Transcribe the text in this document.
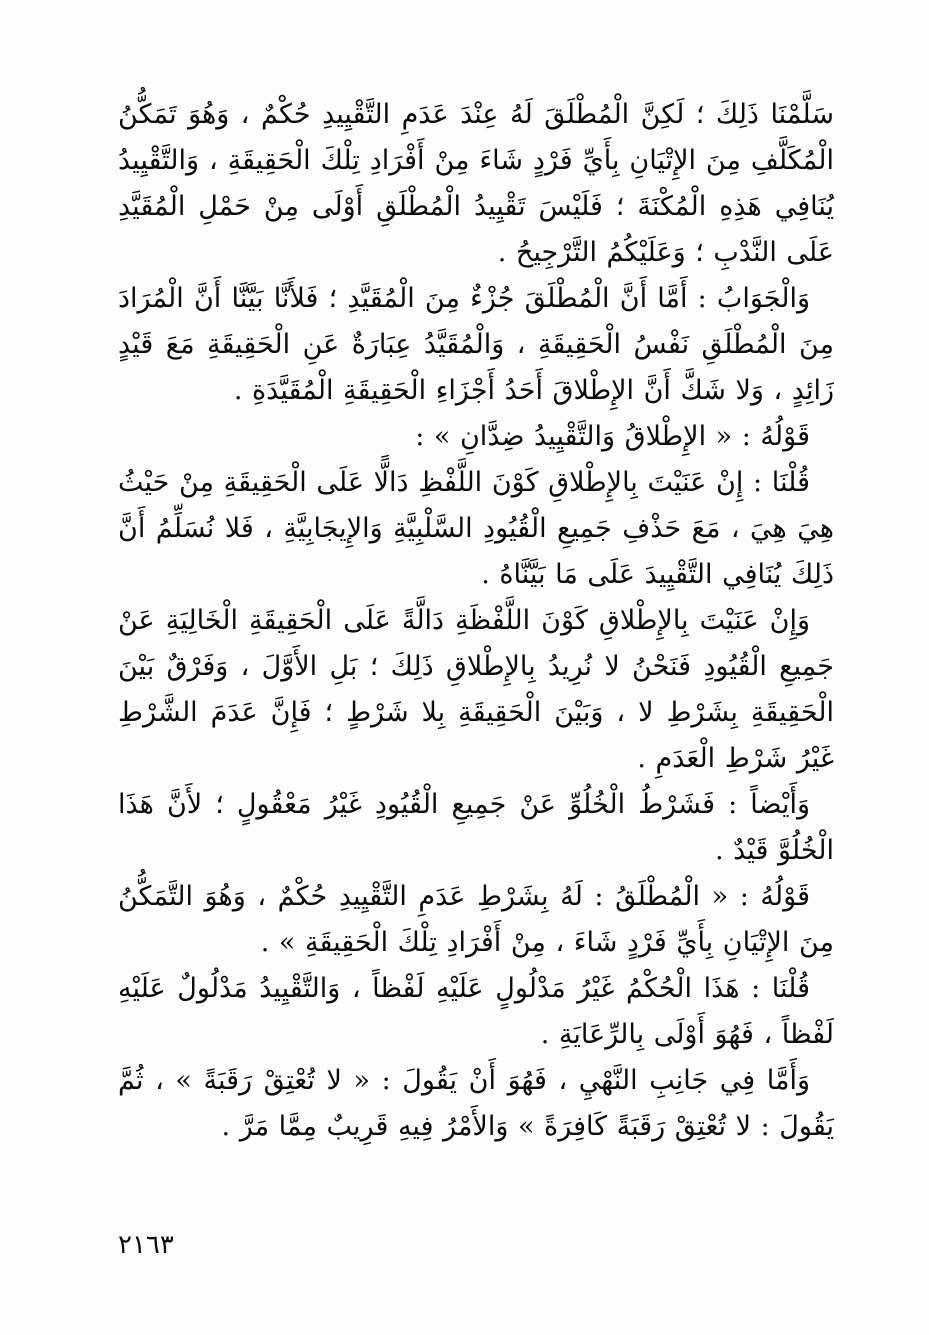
سَلَّمْنَا ذَلِكَ ؛ لَكِنَّ الْمُطْلَقَ لَهُ عِنْدَ عَدَمِ التَّقْيِيدِ حُكْمٌ ، وَهُوَ تَمَكُّنُ الْمُكَلَّفِ مِنَ الإِتْيَانِ بِأَيِّ فَرْدٍ شَاءَ مِنْ أَفْرَادِ تِلْكَ الْحَقِيقَةِ ، وَالتَّقْيِيدُ يُنَافِي هَذِهِ الْمُكْنَةَ ؛ فَلَيْسَ تَقْيِيدُ الْمُطْلَقِ أَوْلَى مِنْ حَمْلِ الْمُقَيَّدِ عَلَى النَّدْبِ ؛ وَعَلَيْكُمُ التَّرْجِيحُ .

وَالْجَوَابُ : أَمَّا أَنَّ الْمُطْلَقَ جُزْءٌ مِنَ الْمُقَيَّدِ ؛ فَلأَنَّا بَيَّنَّا أَنَّ الْمُرَادَ مِنَ الْمُطْلَقِ نَفْسُ الْحَقِيقَةِ ، وَالْمُقَيَّدُ عِبَارَةٌ عَنِ الْحَقِيقَةِ مَعَ قَيْدٍ زَائِدٍ ، وَلا شَكَّ أَنَّ الإِطْلاقَ أَحَدُ أَجْزَاءِ الْحَقِيقَةِ الْمُقَيَّدَةِ .

قَوْلُهُ : « الإِطْلاقُ وَالتَّقْيِيدُ ضِدَّانِ » :

قُلْنَا : إِنْ عَنَيْتَ بِالإِطْلاقِ كَوْنَ اللَّفْظِ دَالًّا عَلَى الْحَقِيقَةِ مِنْ حَيْثُ هِيَ هِيَ ، مَعَ حَذْفِ جَمِيعِ الْقُيُودِ السَّلْبِيَّةِ وَالإِيجَابِيَّةِ ، فَلا نُسَلِّمُ أَنَّ ذَلِكَ يُنَافِي التَّقْيِيدَ عَلَى مَا بَيَّنَّاهُ .

وَإِنْ عَنَيْتَ بِالإِطْلاقِ كَوْنَ اللَّفْظَةِ دَالَّةً عَلَى الْحَقِيقَةِ الْخَالِيَةِ عَنْ جَمِيعِ الْقُيُودِ فَنَحْنُ لا نُرِيدُ بِالإِطْلاقِ ذَلِكَ ؛ بَلِ الأَوَّلَ ، وَفَرْقٌ بَيْنَ الْحَقِيقَةِ بِشَرْطِ لا ، وَبَيْنَ الْحَقِيقَةِ بِلا شَرْطٍ ؛ فَإِنَّ عَدَمَ الشَّرْطِ غَيْرُ شَرْطِ الْعَدَمِ .

وَأَيْضاً : فَشَرْطُ الْخُلُوِّ عَنْ جَمِيعِ الْقُيُودِ غَيْرُ مَعْقُولٍ ؛ لأَنَّ هَذَا الْخُلُوَّ قَيْدٌ .

قَوْلُهُ : « الْمُطْلَقُ : لَهُ بِشَرْطِ عَدَمِ التَّقْيِيدِ حُكْمٌ ، وَهُوَ التَّمَكُّنُ مِنَ الإِتْيَانِ بِأَيِّ فَرْدٍ شَاءَ ، مِنْ أَفْرَادِ تِلْكَ الْحَقِيقَةِ » .

قُلْنَا : هَذَا الْحُكْمُ غَيْرُ مَدْلُولٍ عَلَيْهِ لَفْظاً ، وَالتَّقْيِيدُ مَدْلُولٌ عَلَيْهِ لَفْظاً ، فَهُوَ أَوْلَى بِالرِّعَايَةِ .

وَأَمَّا فِي جَانِبِ النَّهْيِ ، فَهُوَ أَنْ يَقُولَ : « لا تُعْتِقْ رَقَبَةً » ، ثُمَّ يَقُولَ : لا تُعْتِقْ رَقَبَةً كَافِرَةً » وَالأَمْرُ فِيهِ قَرِيبٌ مِمَّا مَرَّ .

٢١٦٣
